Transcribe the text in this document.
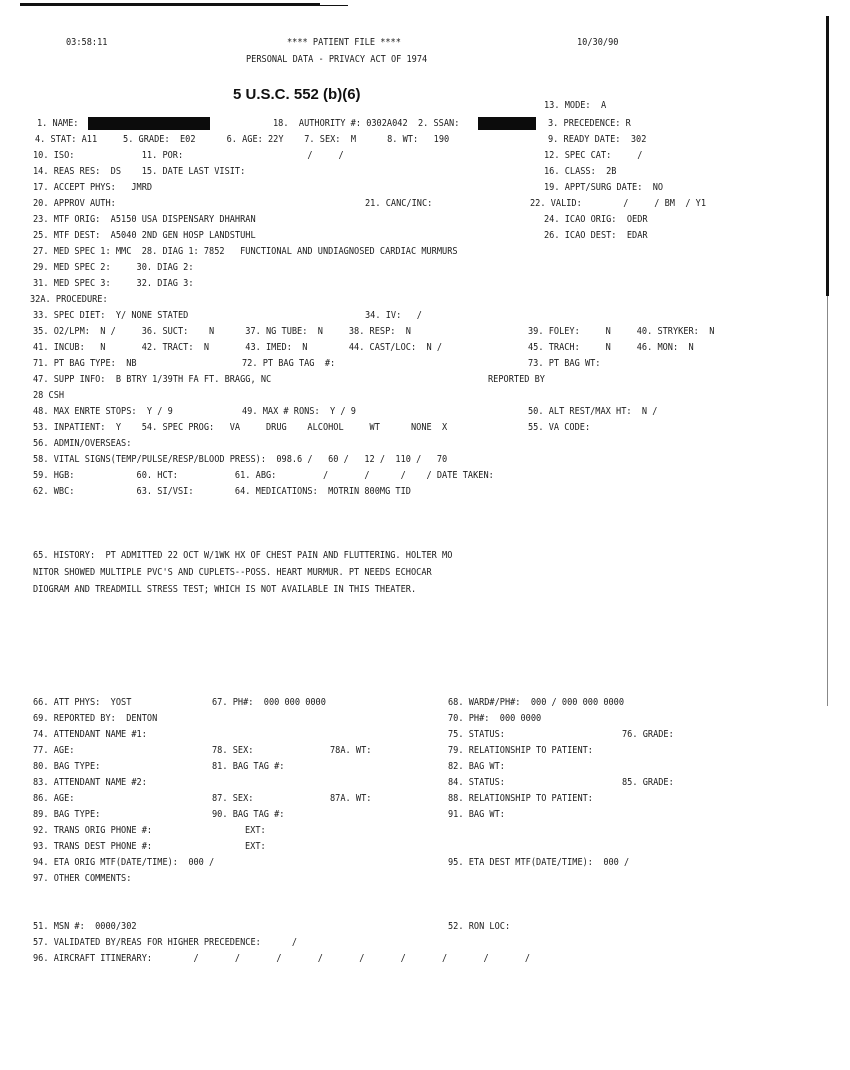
03:58:11	**** PATIENT FILE ****	10/30/90
PERSONAL DATA - PRIVACY ACT OF 1974
5 U.S.C. 552 (b)(6)
13. MODE:  A
1. NAME:	18.  AUTHORITY #: 0302A042  2. SSAN:	3. PRECEDENCE: R
4. STAT: A11     5. GRADE:  E02      6. AGE: 22Y    7. SEX:  M      8. WT:   190	9. READY DATE:  302
10. ISO:             11. POR:                        /     /	12. SPEC CAT:     /
14. REAS RES:  DS    15. DATE LAST VISIT:	16. CLASS:  2B
17. ACCEPT PHYS:   JMRD	19. APPT/SURG DATE:  NO
20. APPROV AUTH:	21. CANC/INC:	22. VALID:        /     / BM  / Y1
23. MTF ORIG:  A5150 USA DISPENSARY DHAHRAN	24. ICAO ORIG:  OEDR
25. MTF DEST:  A5040 2ND GEN HOSP LANDSTUHL	26. ICAO DEST:  EDAR
27. MED SPEC 1: MMC  28. DIAG 1: 7852   FUNCTIONAL AND UNDIAGNOSED CARDIAC MURMURS
29. MED SPEC 2:     30. DIAG 2:
31. MED SPEC 3:     32. DIAG 3:
32A. PROCEDURE:
33. SPEC DIET:  Y/ NONE STATED	34. IV:   /
35. O2/LPM:  N /     36. SUCT:    N      37. NG TUBE:  N     38. RESP:  N	39. FOLEY:     N     40. STRYKER:  N
41. INCUB:   N       42. TRACT:  N       43. IMED:  N        44. CAST/LOC:  N /	45. TRACH:     N     46. MON:  N
71. PT BAG TYPE:  NB	72. PT BAG TAG  #:	73. PT BAG WT:
47. SUPP INFO:  B BTRY 1/39TH FA FT. BRAGG, NC	REPORTED BY
28 CSH
48. MAX ENRTE STOPS:  Y / 9	49. MAX # RONS:  Y / 9	50. ALT REST/MAX HT:  N /
53. INPATIENT:  Y    54. SPEC PROG:   VA     DRUG    ALCOHOL     WT      NONE  X	55. VA CODE:
56. ADMIN/OVERSEAS:
58. VITAL SIGNS(TEMP/PULSE/RESP/BLOOD PRESS):  098.6 /   60 /   12 /  110 /   70
59. HGB:            60. HCT:           61. ABG:         /       /      /    / DATE TAKEN:
62. WBC:            63. SI/VSI:        64. MEDICATIONS:  MOTRIN 800MG TID
65. HISTORY:  PT ADMITTED 22 OCT W/1WK HX OF CHEST PAIN AND FLUTTERING. HOLTER MO
NITOR SHOWED MULTIPLE PVC'S AND CUPLETS--POSS. HEART MURMUR. PT NEEDS ECHOCAR
DIOGRAM AND TREADMILL STRESS TEST; WHICH IS NOT AVAILABLE IN THIS THEATER.
66. ATT PHYS:  YOST	67. PH#:  000 000 0000	68. WARD#/PH#:  000 / 000 000 0000
69. REPORTED BY:  DENTON	70. PH#:  000 0000
74. ATTENDANT NAME #1:	75. STATUS:	76. GRADE:
77. AGE:	78. SEX:	78A. WT:	79. RELATIONSHIP TO PATIENT:
80. BAG TYPE:	81. BAG TAG #:	82. BAG WT:
83. ATTENDANT NAME #2:	84. STATUS:	85. GRADE:
86. AGE:	87. SEX:	87A. WT:	88. RELATIONSHIP TO PATIENT:
89. BAG TYPE:	90. BAG TAG #:	91. BAG WT:
92. TRANS ORIG PHONE #:	EXT:
93. TRANS DEST PHONE #:	EXT:
94. ETA ORIG MTF(DATE/TIME):  000 /	95. ETA DEST MTF(DATE/TIME):  000 /
97. OTHER COMMENTS:
51. MSN #:  0000/302	52. RON LOC:
57. VALIDATED BY/REAS FOR HIGHER PRECEDENCE:      /
96. AIRCRAFT ITINERARY:        /       /       /       /       /       /       /       /       /
